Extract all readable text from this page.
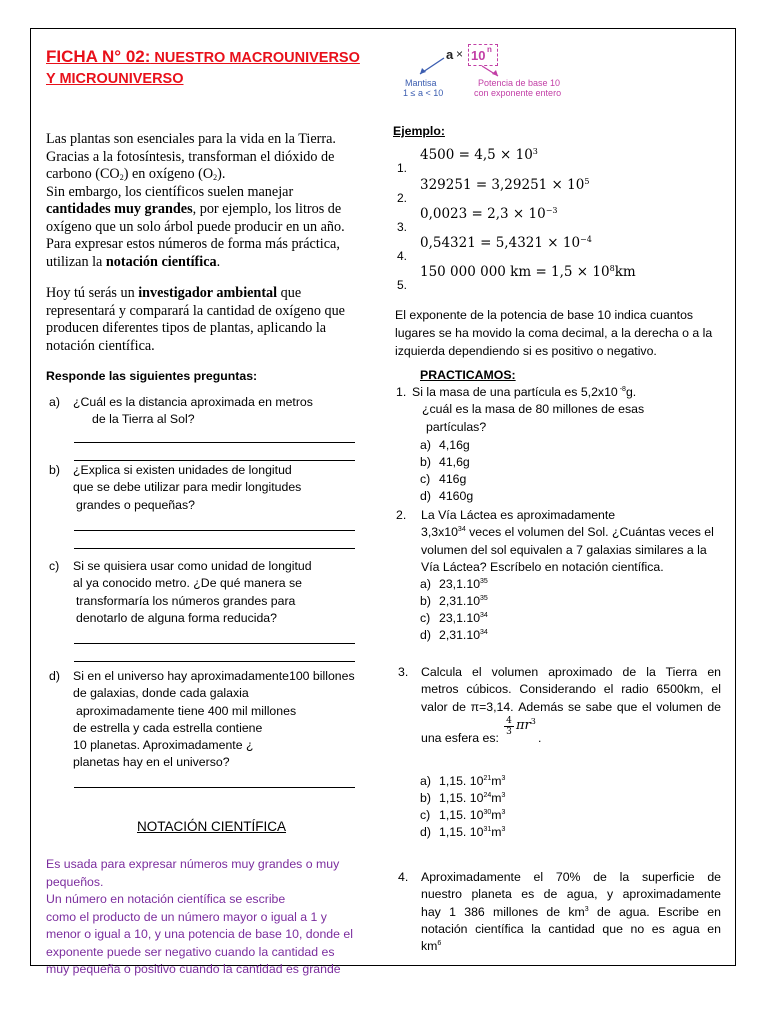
FICHA N° 02: NUESTRO MACROUNIVERSO
Y MICROUNIVERSO
a × 10 n
Mantisa
1 ≤ a < 10
Potencia de base 10
con exponente entero
Las plantas son esenciales para la vida en la Tierra.
Gracias a la fotosíntesis, transforman el dióxido de
carbono $(CO_2)$ en oxígeno $(O_2)$.
Sin embargo, los científicos suelen manejar
cantidades muy grandes, por ejemplo, los litros de
oxígeno que un solo árbol puede producir en un año.
Para expresar estos números de forma más práctica,
utilizan la notación científica.
Hoy tú serás un investigador ambiental que
representará y comparará la cantidad de oxígeno que
producen diferentes tipos de plantas, aplicando la
notación científica.
Responde las siguientes preguntas:
a) ¿Cuál es la distancia aproximada en metros
de la Tierra al Sol?
b) ¿Explica si existen unidades de longitud
que se debe utilizar para medir longitudes
grandes o pequeñas?
c) Si se quisiera usar como unidad de longitud
al ya conocido metro. ¿De qué manera se
transformaría los números grandes para
denotarlo de alguna forma reducida?
d) Si en el universo hay aproximadamente100 billones
de galaxias, donde cada galaxia
aproximadamente tiene 400 mil millones
de estrella y cada estrella contiene
10 planetas. Aproximadamente ¿
planetas hay en el universo?
NOTACIÓN CIENTÍFICA
Es usada para expresar números muy grandes o muy
pequeños.
Un número en notación científica se escribe
como el producto de un número mayor o igual a 1 y
menor o igual a 10, y una potencia de base 10, donde el
exponente puede ser negativo cuando la cantidad es
muy pequeña o positivo cuando la cantidad es grande
Ejemplo:
1.
$4500 = 4,5 \times 10^3$
2.
$329251 = 3,29251 \times 10^5$
3.
$0,0023 = 2,3 \times 10^{-3}$
4.
$0,54321 = 5,4321 \times 10^{-4}$
5.
150 000 000 km = $1,5 \times 10^8km$
El exponente de la potencia de base 10 indica cuantos
lugares se ha movido la coma decimal, a la derecha o a la
izquierda dependiendo si es positivo o negativo.
PRACTICAMOS:
1. Si la masa de una partícula es 5,2x10 $^{-8}$g.
¿cuál es la masa de 80 millones de esas
partículas?
a) 4,16g
b) 41,6g
c) 416g
d) 4160g
2. La Vía Láctea es aproximadamente
$3,3x10^{34}$ veces el volumen del Sol. ¿Cuántas veces el
volumen del sol equivalen a 7 galaxias similares a la
Vía Láctea? Escríbelo en notación científica.
a) 23,1.10$^{35}$
b) 2,31.10$^{35}$
c) 23,1.10$^{34}$
d) 2,31.10$^{34}$
3. Calcula el volumen aproximado de la Tierra en
metros cúbicos. Considerando el radio 6500km, el
valor de π=3,14. Además se sabe que el volumen de
una esfera es:
4
3 $\pi r^3$
.
a) 1,15. $10^{21}m^3$
b) 1,15. $10^{24}m^3$
c) 1,15. $10^{30}m^3$
d) 1,15. $10^{31}m^3$
4. Aproximadamente el 70% de la superficie de
nuestro planeta es de agua, y aproximadamente
hay 1 386 millones de $km^3$ de agua. Escribe en
notación científica la cantidad que no es agua en
$km^6$
